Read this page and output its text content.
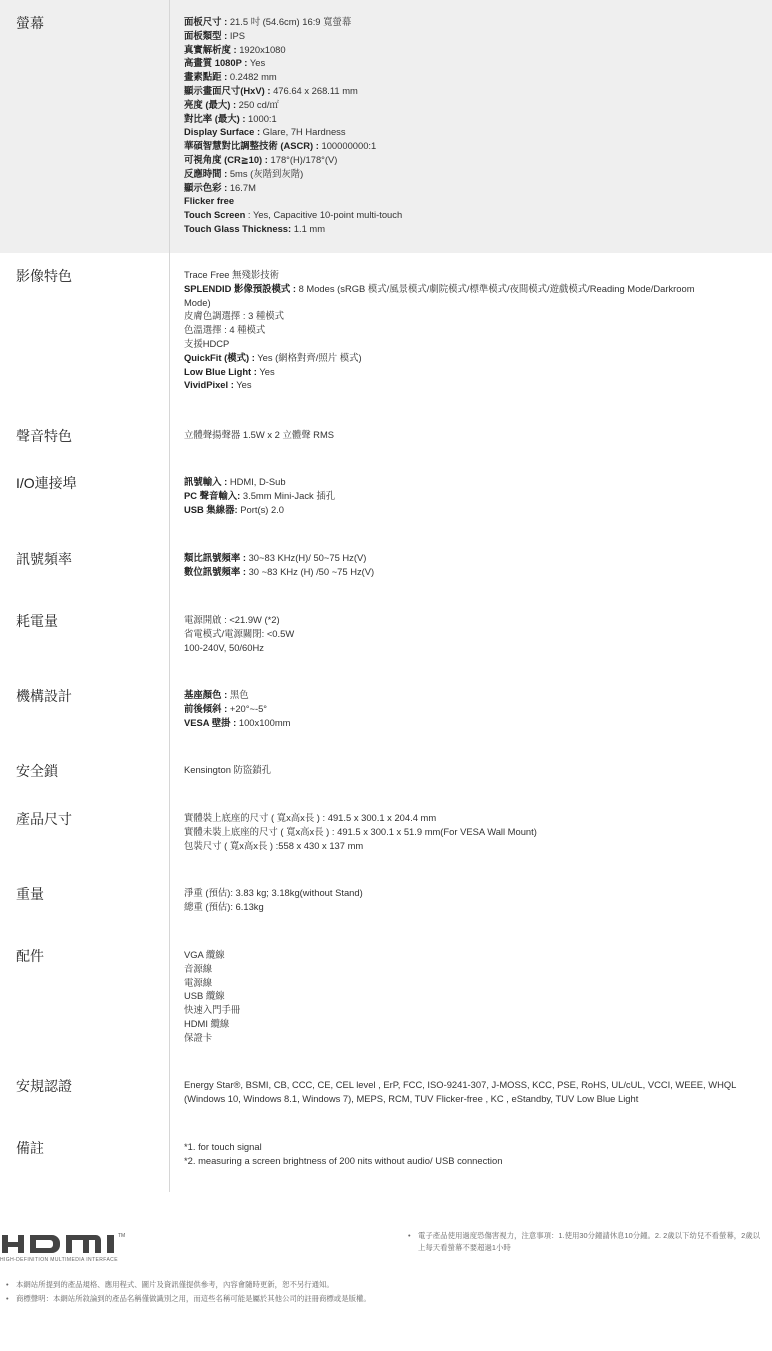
螢幕	面板尺寸 : 21.5 吋 (54.6cm) 16:9 寬螢幕
面板類型 : IPS
真實解析度 : 1920x1080
高畫質 1080P : Yes
畫素點距 : 0.2482 mm
顯示畫面尺寸(HxV) : 476.64 x 268.11 mm
亮度 (最大) : 250 cd/㎡
對比率 (最大) : 1000:1
Display Surface : Glare, 7H Hardness
華碩智慧對比調整技術 (ASCR) : 100000000:1
可視角度 (CR≧10) : 178°(H)/178°(V)
反應時間 : 5ms (灰階到灰階)
顯示色彩 : 16.7M
Flicker free
Touch Screen : Yes, Capacitive 10-point multi-touch
Touch Glass Thickness: 1.1 mm
影像特色	Trace Free 無殘影技術
SPLENDID 影像預設模式 : 8 Modes (sRGB 模式/風景模式/劇院模式/標準模式/夜間模式/遊戲模式/Reading Mode/Darkroom
Mode)
皮膚色調選擇 : 3 種模式
色溫選擇 : 4 種模式
支援HDCP
QuickFit (模式) : Yes (網格對齊/照片 模式)
Low Blue Light : Yes
VividPixel : Yes
聲音特色	立體聲揚聲器 1.5W x 2 立體聲 RMS
I/O連接埠	訊號輸入 : HDMI, D-Sub
PC 聲音輸入: 3.5mm Mini-Jack 插孔
USB 集線器: Port(s) 2.0
訊號頻率	類比訊號頻率 : 30~83 KHz(H)/ 50~75 Hz(V)
數位訊號頻率 : 30 ~83 KHz (H) /50 ~75 Hz(V)
耗電量	電源開啟 : <21.9W (*2)
省電模式/電源關閉: <0.5W
100-240V, 50/60Hz
機構設計	基座顏色 : 黑色
前後傾斜 : +20°~-5°
VESA 壁掛 : 100x100mm
安全鎖	Kensington 防盜鎖孔
產品尺寸	實體裝上底座的尺寸 ( 寬x高x長 ) : 491.5 x 300.1 x 204.4 mm
實體未裝上底座的尺寸 ( 寬x高x長 ) : 491.5 x 300.1 x 51.9 mm(For VESA Wall Mount)
包裝尺寸 ( 寬x高x長 ) :558 x 430 x 137 mm
重量	淨重 (預估): 3.83 kg; 3.18kg(without Stand)
總重 (預估): 6.13kg
配件	VGA 纜線
音源線
電源線
USB 纜線
快速入門手冊
HDMI 纜線
保證卡
安規認證	Energy Star®, BSMI, CB, CCC, CE, CEL level , ErP, FCC, ISO-9241-307, J-MOSS, KCC, PSE, RoHS, UL/cUL, VCCI, WEEE, WHQL
(Windows 10, Windows 8.1, Windows 7), MEPS, RCM, TUV Flicker-free , KC , eStandby, TUV Low Blue Light
備註	*1. for touch signal
*2. measuring a screen brightness of 200 nits without audio/ USB connection
TM
HIGH-DEFINITION MULTIMEDIA INTERFACE
•	電子產品使用過度恐傷害視力，注意事項：1.使用30分鐘請休息10分鐘。2. 2歲以下幼兒不看螢幕，2歲以上每天看螢幕不要超過1小時
•	本網站所提到的產品規格、應用程式、圖片及資訊僅提供參考，內容會隨時更新，恕不另行通知。
•	商標聲明：本網站所敘論到的產品名稱僅做識別之用，而這些名稱可能是屬於其他公司的註冊商標或是版權。
